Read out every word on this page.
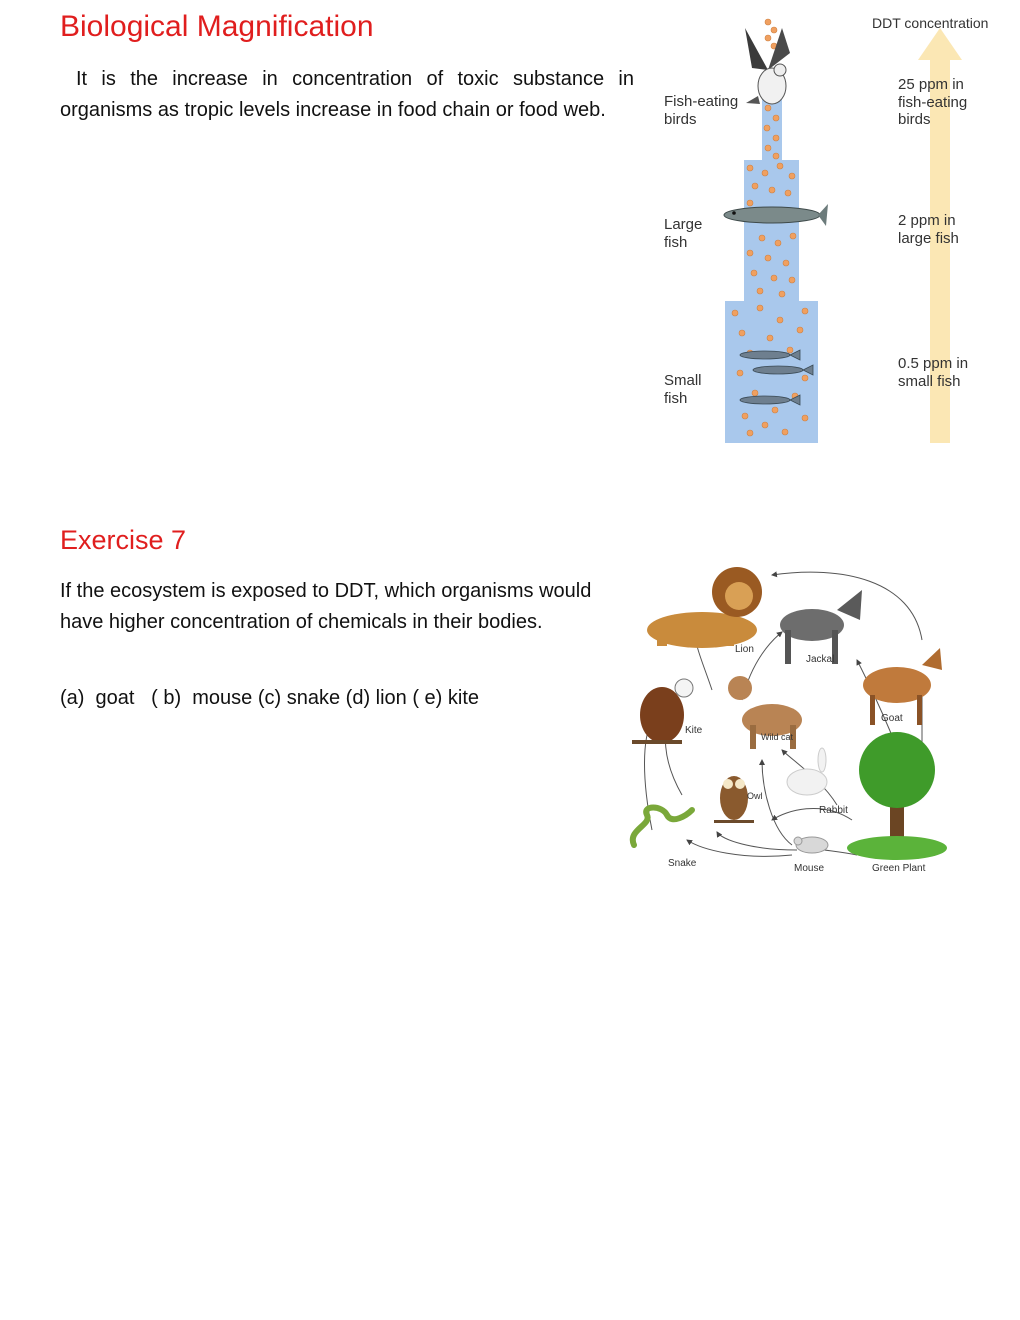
Biological Magnification

It is the increase in concentration of toxic substance in organisms as tropic levels increase in food chain or food web.

DDT concentration
Fish-eating
birds
Large
fish
Small
fish
25 ppm in
fish-eating
birds
2 ppm in
large fish
0.5 ppm in
small fish
Exercise 7

If the ecosystem is exposed to DDT, which organisms would have higher concentration of chemicals in their bodies.

(a)  goat   ( b)  mouse (c) snake (d) lion ( e) kite

Lion
Jackal
Goat
Kite
Wild cat
Rabbit
Green Plant
Owl
Snake	Mouse
